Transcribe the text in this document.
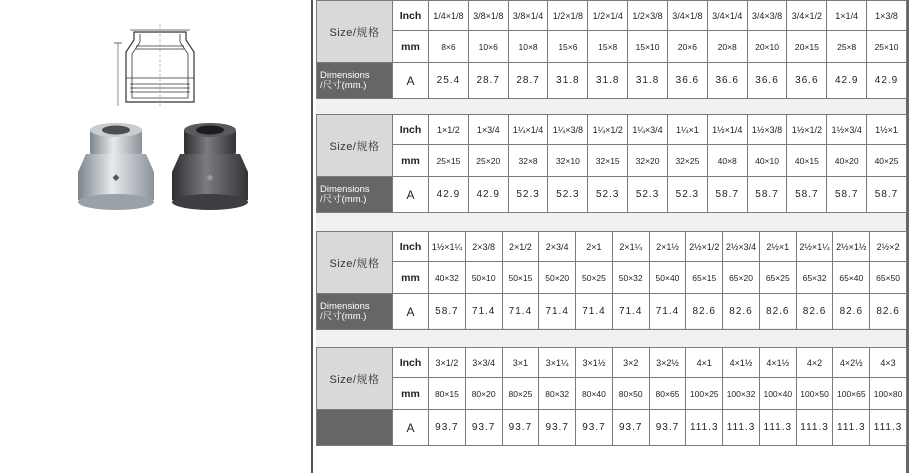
◆	◆
Size/规格	Inch	1/4×1/8	3/8×1/8	3/8×1/4	1/2×1/8	1/2×1/4	1/2×3/8	3/4×1/8	3/4×1/4	3/4×3/8	3/4×1/2	1×1/4	1×3/8
	mm	8×6	10×6	10×8	15×6	15×8	15×10	20×6	20×8	20×10	20×15	25×8	25×10

Dimensions
/尺寸(mm.)	A	25.4	28.7	28.7	31.8	31.8	31.8	36.6	36.6	36.6	36.6	42.9	42.9
Size/规格	Inch	1×1/2	1×3/4	1¼×1/4	1¼×3/8	1¼×1/2	1¼×3/4	1¼×1	1½×1/4	1½×3/8	1½×1/2	1½×3/4	1½×1
	mm	25×15	25×20	32×8	32×10	32×15	32×20	32×25	40×8	40×10	40×15	40×20	40×25

Dimensions
/尺寸(mm.)	A	42.9	42.9	52.3	52.3	52.3	52.3	52.3	58.7	58.7	58.7	58.7	58.7
Size/规格	Inch	1½×1¼	2×3/8	2×1/2	2×3/4	2×1	2×1¼	2×1½	2½×1/2	2½×3/4	2½×1	2½×1¼	2½×1½	2½×2
	mm	40×32	50×10	50×15	50×20	50×25	50×32	50×40	65×15	65×20	65×25	65×32	65×40	65×50

Dimensions
/尺寸(mm.)	A	58.7	71.4	71.4	71.4	71.4	71.4	71.4	82.6	82.6	82.6	82.6	82.6	82.6
Size/规格	Inch	3×1/2	3×3/4	3×1	3×1¼	3×1½	3×2	3×2½	4×1	4×1½	4×1½	4×2	4×2½	4×3
	mm	80×15	80×20	80×25	80×32	80×40	80×50	80×65	100×25	100×32	100×40	100×50	100×65	100×80
	A	93.7	93.7	93.7	93.7	93.7	93.7	93.7	111.3	111.3	111.3	111.3	111.3	111.3
